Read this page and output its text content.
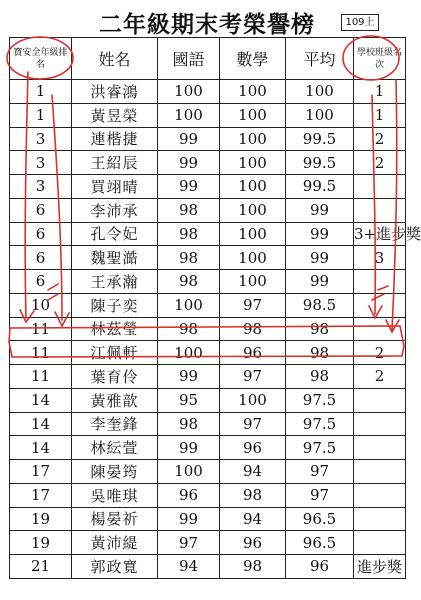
二年級期末考榮譽榜	109上
寶安全年級排名	姓名	國語	數學	平均	學校班級名次
1	洪睿鴻	100	100	100	1
1	黃昱榮	100	100	100	1
3	連楷捷	99	100	99.5	2
3	王紹辰	99	100	99.5	2
3	買翊晴	99	100	99.5	
6	李沛承	98	100	99	
6	孔令妃	98	100	99	3+進步獎
6	魏聖澔	98	100	99	3
6	王承瀚	98	100	99	
10	陳子奕	100	97	98.5	
11	林茲瑩	98	98	98	
11	江佩軒	100	96	98	2
11	葉育伶	99	97	98	2
14	黃雅歆	95	100	97.5	
14	李奎鋒	98	97	97.5	
14	林紜萱	99	96	97.5	
17	陳晏筠	100	94	97	
17	吳唯琪	96	98	97	
19	楊晏祈	99	94	96.5	
19	黃沛緹	97	96	96.5	
21	郭政寬	94	98	96	進步獎
